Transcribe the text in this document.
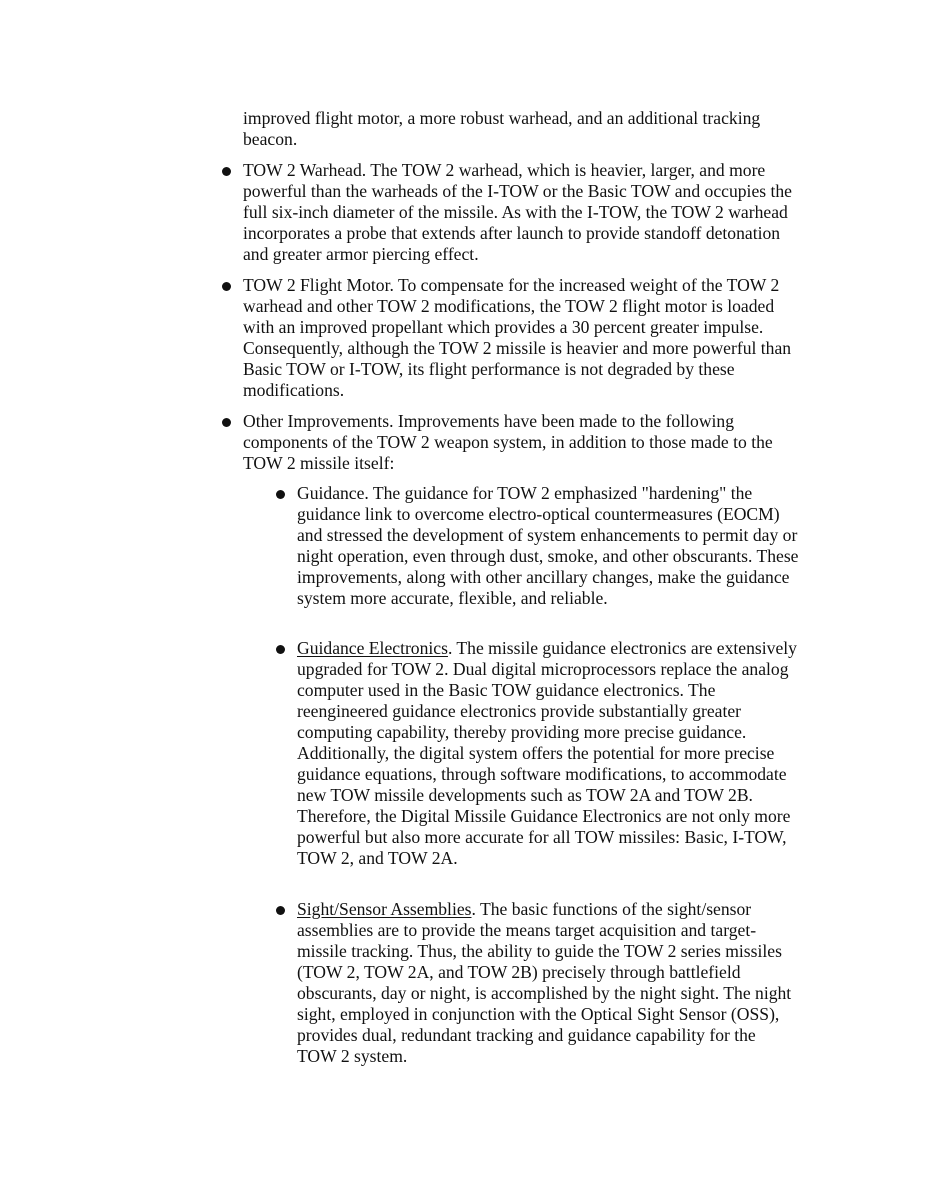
improved flight motor, a more robust warhead, and an additional tracking beacon.

TOW 2 Warhead. The TOW 2 warhead, which is heavier, larger, and more powerful than the warheads of the I-TOW or the Basic TOW and occupies the full six-inch diameter of the missile. As with the I-TOW, the TOW 2 warhead incorporates a probe that extends after launch to provide standoff detonation and greater armor piercing effect.

TOW 2 Flight Motor. To compensate for the increased weight of the TOW 2 warhead and other TOW 2 modifications, the TOW 2 flight motor is loaded with an improved propellant which provides a 30 percent greater impulse. Consequently, although the TOW 2 missile is heavier and more powerful than Basic TOW or I-TOW, its flight performance is not degraded by these modifications.

Other Improvements. Improvements have been made to the following components of the TOW 2 weapon system, in addition to those made to the TOW 2 missile itself:

Guidance. The guidance for TOW 2 emphasized "hardening" the guidance link to overcome electro-optical countermeasures (EOCM) and stressed the development of system enhancements to permit day or night operation, even through dust, smoke, and other obscurants. These improvements, along with other ancillary changes, make the guidance system more accurate, flexible, and reliable.

Guidance Electronics. The missile guidance electronics are extensively upgraded for TOW 2. Dual digital microprocessors replace the analog computer used in the Basic TOW guidance electronics. The reengineered guidance electronics provide substantially greater computing capability, thereby providing more precise guidance. Additionally, the digital system offers the potential for more precise guidance equations, through software modifications, to accommodate new TOW missile developments such as TOW 2A and TOW 2B. Therefore, the Digital Missile Guidance Electronics are not only more powerful but also more accurate for all TOW missiles: Basic, I-TOW, TOW 2, and TOW 2A.

Sight/Sensor Assemblies. The basic functions of the sight/sensor assemblies are to provide the means target acquisition and target-missile tracking. Thus, the ability to guide the TOW 2 series missiles (TOW 2, TOW 2A, and TOW 2B) precisely through battlefield obscurants, day or night, is accomplished by the night sight. The night sight, employed in conjunction with the Optical Sight Sensor (OSS), provides dual, redundant tracking and guidance capability for the TOW 2 system.
